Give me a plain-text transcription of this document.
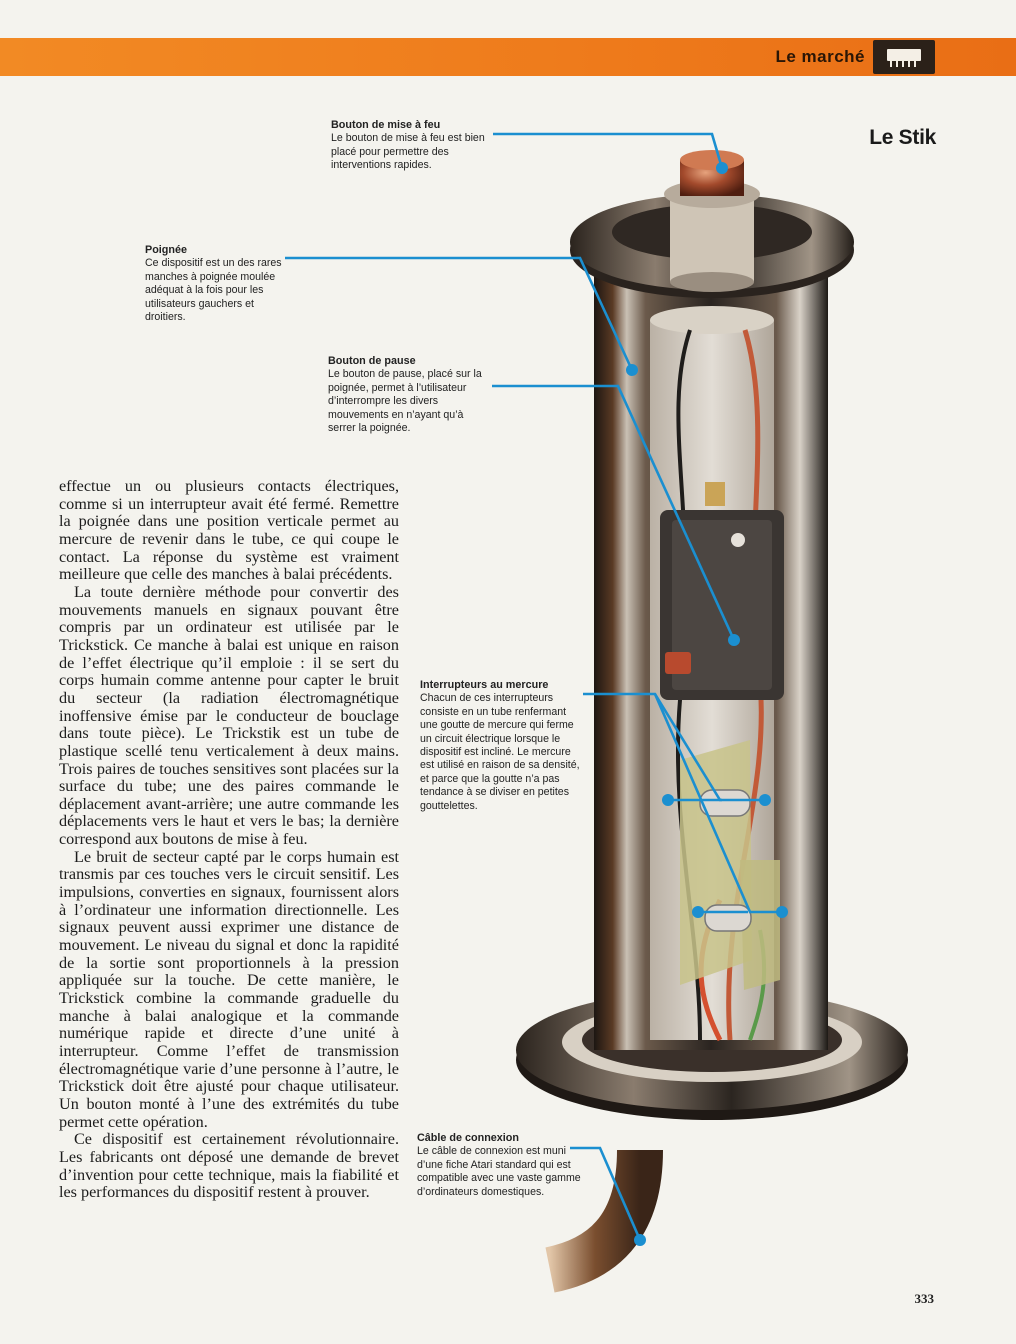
Le marché
Le Stik
Bouton de mise à feu
Le bouton de mise à feu est bien placé pour permettre des interventions rapides.
Poignée
Ce dispositif est un des rares manches à poignée moulée adéquat à la fois pour les utilisateurs gauchers et droitiers.
Bouton de pause
Le bouton de pause, placé sur la poignée, permet à l’utilisateur d’interrompre les divers mouvements en n’ayant qu’à serrer la poignée.
Interrupteurs au mercure
Chacun de ces interrupteurs consiste en un tube renfermant une goutte de mercure qui ferme un circuit électrique lorsque le dispositif est incliné. Le mercure est utilisé en raison de sa densité, et parce que la goutte n’a pas tendance à se diviser en petites gouttelettes.
Câble de connexion
Le câble de connexion est muni d’une fiche Atari standard qui est compatible avec une vaste gamme d’ordinateurs domestiques.

effectue un ou plusieurs contacts électriques, comme si un interrupteur avait été fermé. Remettre la poignée dans une position verticale permet au mercure de revenir dans le tube, ce qui coupe le contact. La réponse du système est vraiment meilleure que celle des manches à balai précédents.

La toute dernière méthode pour convertir des mouvements manuels en signaux pouvant être compris par un ordinateur est utilisée par le Trickstick. Ce manche à balai est unique en raison de l’effet électrique qu’il emploie : il se sert du corps humain comme antenne pour capter le bruit du secteur (la radiation électromagnétique inoffensive émise par le conducteur de bouclage dans toute pièce). Le Trickstik est un tube de plastique scellé tenu verticalement à deux mains. Trois paires de touches sensitives sont placées sur la surface du tube; une des paires commande le déplacement avant-arrière; une autre commande les déplacements vers le haut et vers le bas; la dernière correspond aux boutons de mise à feu.

Le bruit de secteur capté par le corps humain est transmis par ces touches vers le circuit sensitif. Les impulsions, converties en signaux, fournissent alors à l’ordinateur une information directionnelle. Les signaux peuvent aussi exprimer une distance de mouvement. Le niveau du signal et donc la rapidité de la sortie sont proportionnels à la pression appliquée sur la touche. De cette manière, le Trickstick combine la commande graduelle du manche à balai analogique et la commande numérique rapide et directe d’une unité à interrupteur. Comme l’effet de transmission électromagnétique varie d’une personne à l’autre, le Trickstick doit être ajusté pour chaque utilisateur. Un bouton monté à l’une des extrémités du tube permet cette opération.

Ce dispositif est certainement révolutionnaire. Les fabricants ont déposé une demande de brevet d’invention pour cette technique, mais la fiabilité et les performances du dispositif restent à prouver.

333
